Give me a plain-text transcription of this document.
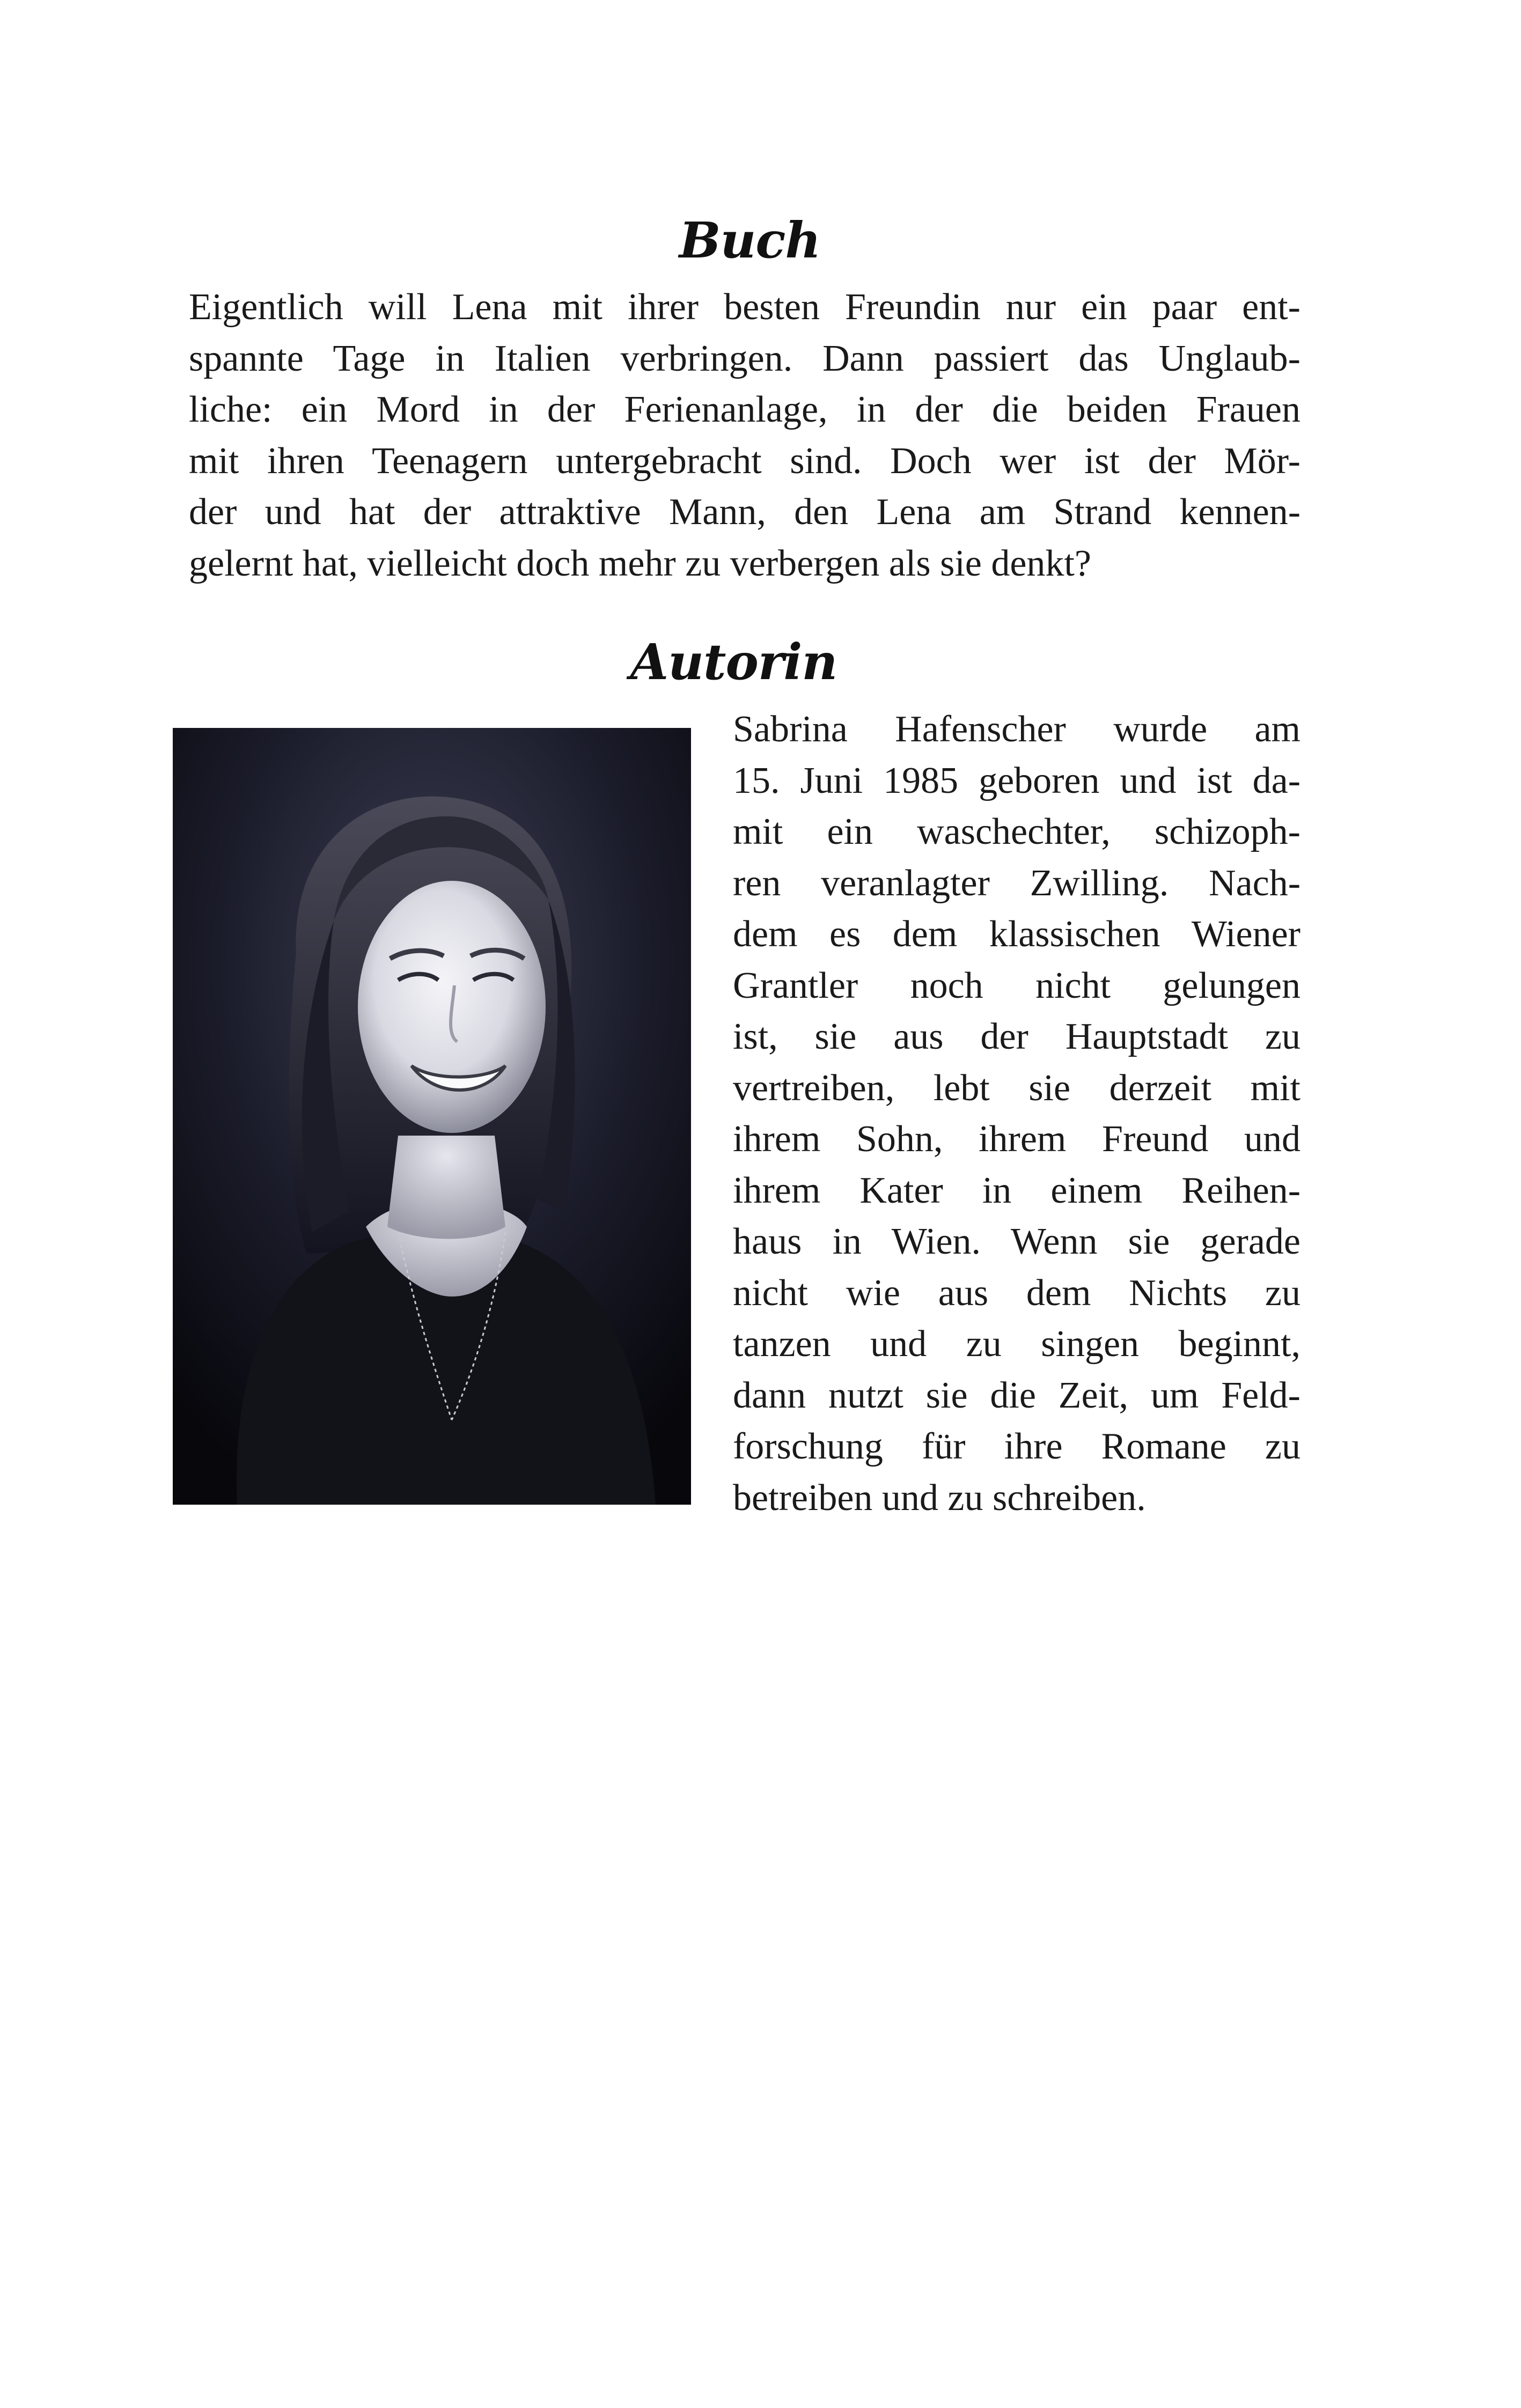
Buch
Eigentlich will Lena mit ihrer besten Freundin nur ein paar ent-
spannte Tage in Italien verbringen. Dann passiert das Unglaub-
liche: ein Mord in der Ferienanlage, in der die beiden Frauen
mit ihren Teenagern untergebracht sind. Doch wer ist der Mör-
der und hat der attraktive Mann, den Lena am Strand kennen-
gelernt hat, vielleicht doch mehr zu verbergen als sie denkt?
Autorin
Sabrina Hafenscher wurde am
15. Juni 1985 geboren und ist da-
mit ein waschechter, schizoph-
ren veranlagter Zwilling. Nach-
dem es dem klassischen Wiener
Grantler noch nicht gelungen
ist, sie aus der Hauptstadt zu
vertreiben, lebt sie derzeit mit
ihrem Sohn, ihrem Freund und
ihrem Kater in einem Reihen-
haus in Wien. Wenn sie gerade
nicht wie aus dem Nichts zu
tanzen und zu singen beginnt,
dann nutzt sie die Zeit, um Feld-
forschung für ihre Romane zu
betreiben und zu schreiben.
